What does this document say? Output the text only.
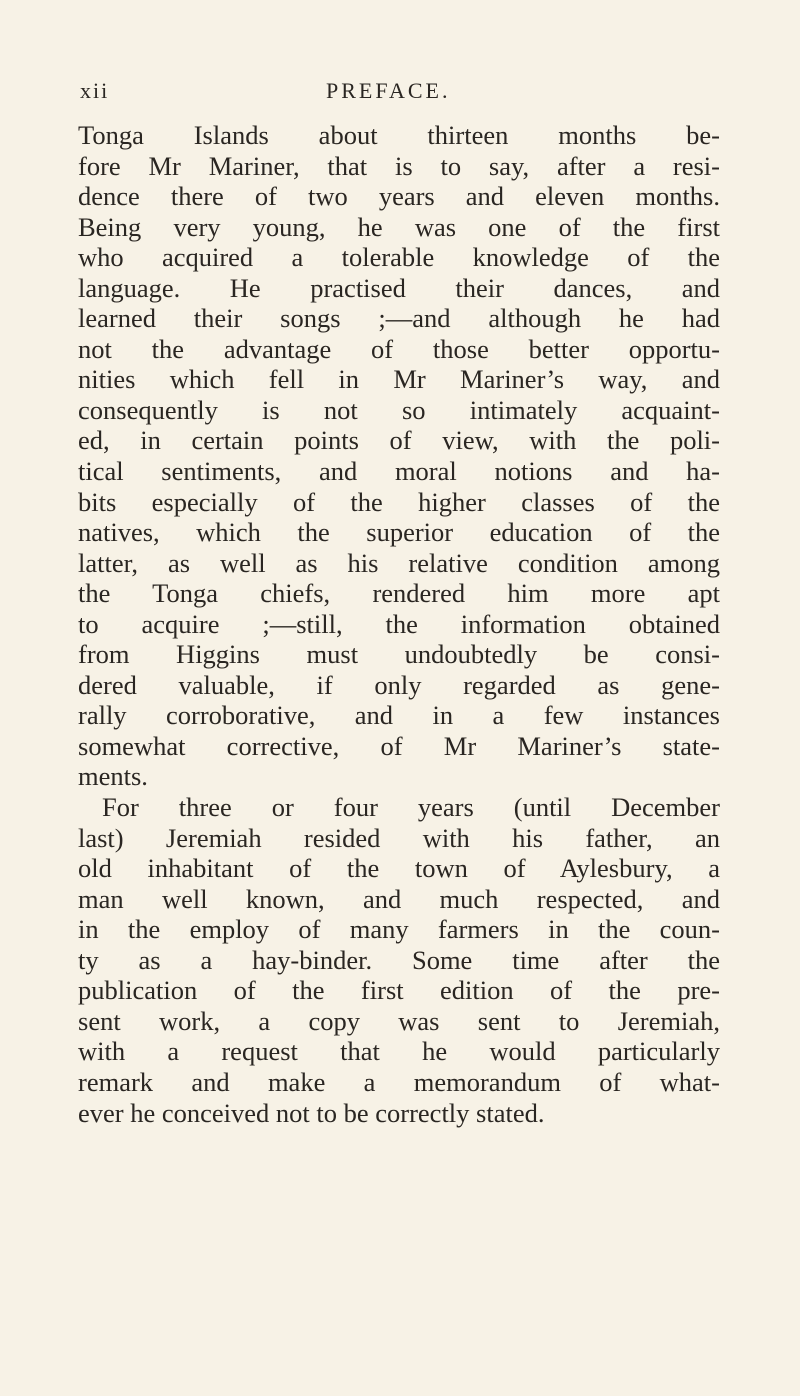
xii	PREFACE.
Tonga Islands about thirteen months be-
fore Mr Mariner, that is to say, after a resi-
dence there of two years and eleven months.
Being very young, he was one of the first
who acquired a tolerable knowledge of the
language. He practised their dances, and
learned their songs ;—and although he had
not the advantage of those better opportu-
nities which fell in Mr Mariner’s way, and
consequently is not so intimately acquaint-
ed, in certain points of view, with the poli-
tical sentiments, and moral notions and ha-
bits especially of the higher classes of the
natives, which the superior education of the
latter, as well as his relative condition among
the Tonga chiefs, rendered him more apt
to acquire ;—still, the information obtained
from Higgins must undoubtedly be consi-
dered valuable, if only regarded as gene-
rally corroborative, and in a few instances
somewhat corrective, of Mr Mariner’s state-
ments.
For three or four years (until December
last) Jeremiah resided with his father, an
old inhabitant of the town of Aylesbury, a
man well known, and much respected, and
in the employ of many farmers in the coun-
ty as a hay-binder. Some time after the
publication of the first edition of the pre-
sent work, a copy was sent to Jeremiah,
with a request that he would particularly
remark and make a memorandum of what-
ever he conceived not to be correctly stated.
